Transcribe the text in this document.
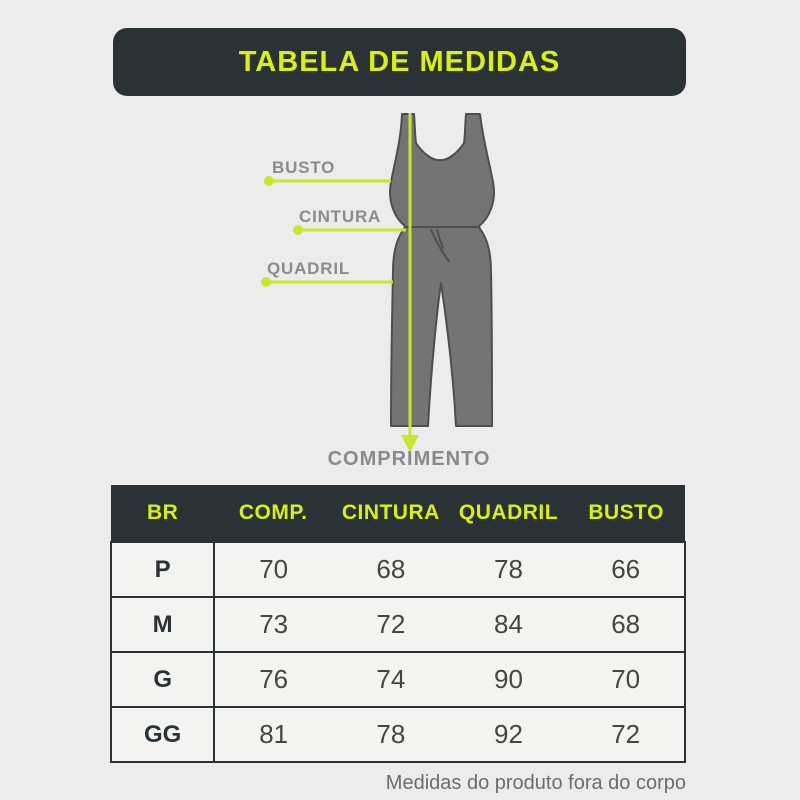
TABELA DE MEDIDAS
BUSTO
CINTURA
QUADRIL
COMPRIMENTO
BR	COMP.	CINTURA	QUADRIL	BUSTO
P	70	68	78	66
M	73	72	84	68
G	76	74	90	70
GG	81	78	92	72
Medidas do produto fora do corpo
